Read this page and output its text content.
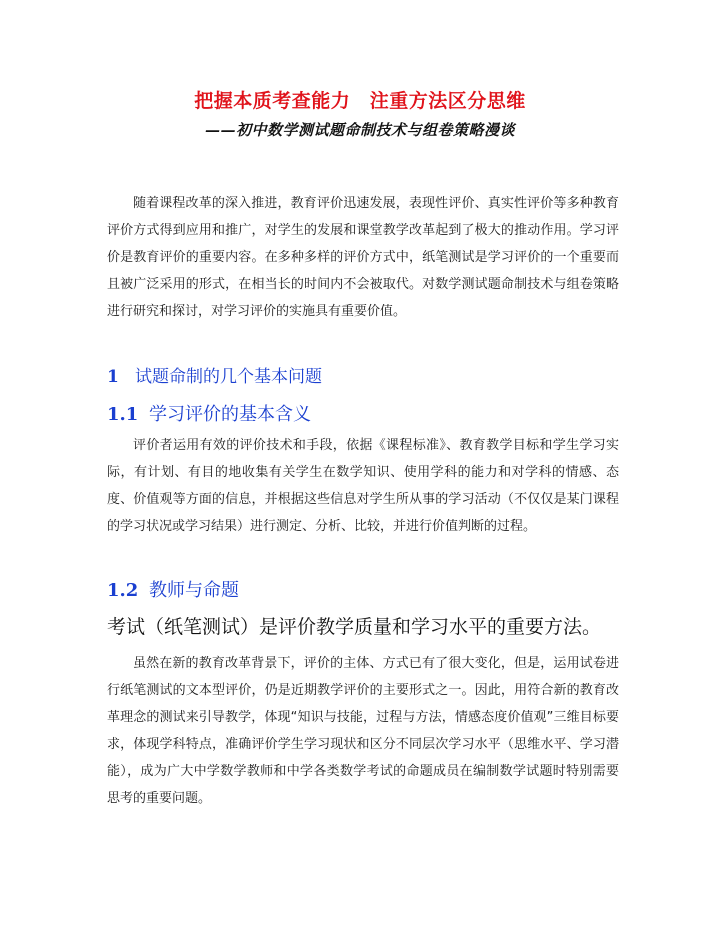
把握本质考查能力　注重方法区分思维
——初中数学测试题命制技术与组卷策略漫谈

随着课程改革的深入推进，教育评价迅速发展，表现性评价、真实性评价等多种教育评价方式得到应用和推广，对学生的发展和课堂教学改革起到了极大的推动作用。学习评价是教育评价的重要内容。在多种多样的评价方式中，纸笔测试是学习评价的一个重要而且被广泛采用的形式，在相当长的时间内不会被取代。对数学测试题命制技术与组卷策略进行研究和探讨，对学习评价的实施具有重要价值。

1 试题命制的几个基本问题
1.1 学习评价的基本含义

评价者运用有效的评价技术和手段，依据《课程标准》、教育教学目标和学生学习实际，有计划、有目的地收集有关学生在数学知识、使用学科的能力和对学科的情感、态度、价值观等方面的信息，并根据这些信息对学生所从事的学习活动（不仅仅是某门课程的学习状况或学习结果）进行测定、分析、比较，并进行价值判断的过程。

1.2 教师与命题
考试（纸笔测试）是评价教学质量和学习水平的重要方法。

虽然在新的教育改革背景下，评价的主体、方式已有了很大变化，但是，运用试卷进行纸笔测试的文本型评价，仍是近期教学评价的主要形式之一。因此，用符合新的教育改革理念的测试来引导教学，体现“知识与技能，过程与方法，情感态度价值观”三维目标要求，体现学科特点，准确评价学生学习现状和区分不同层次学习水平（思维水平、学习潜能），成为广大中学数学教师和中学各类数学考试的命题成员在编制数学试题时特别需要思考的重要问题。
